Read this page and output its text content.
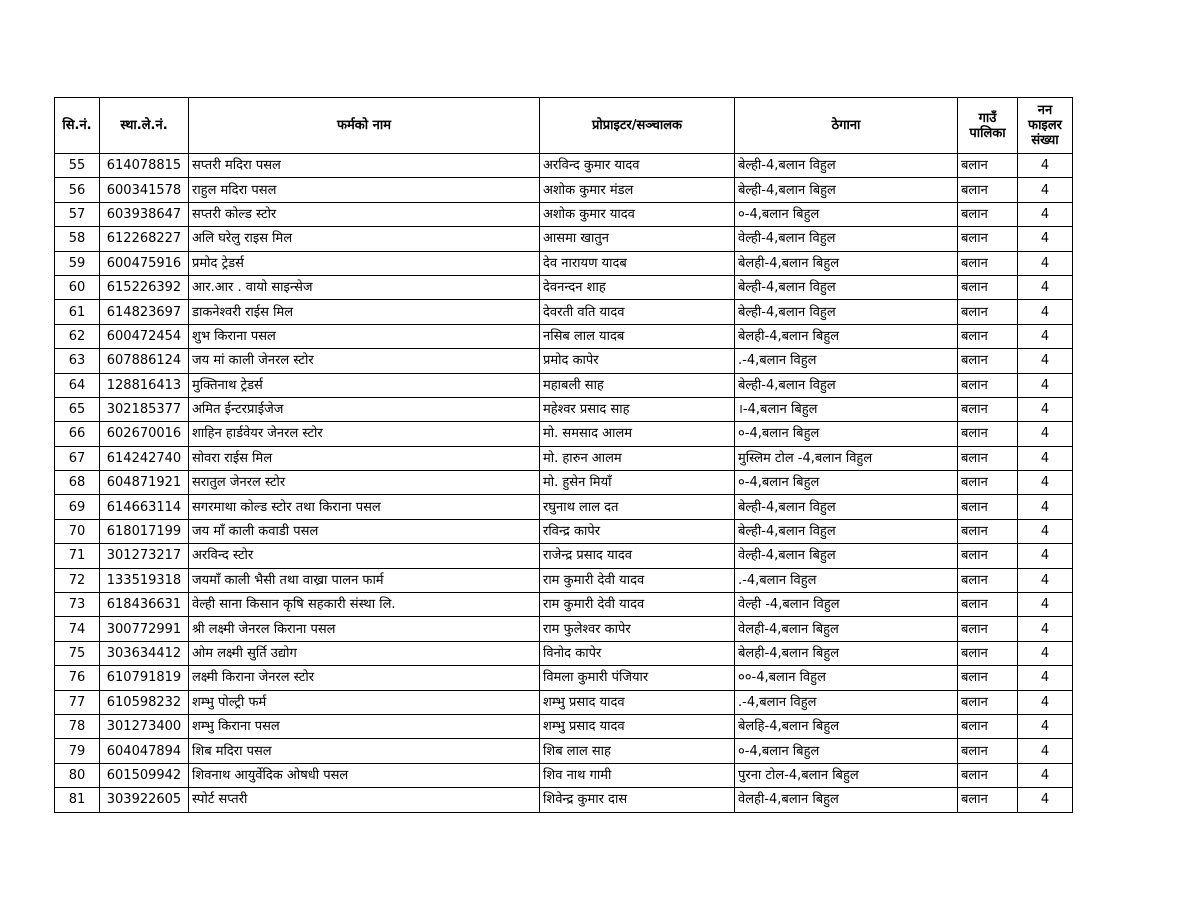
सि.नं.	स्था.ले.नं.	फर्मको नाम	प्रोप्राइटर/सञ्चालक	ठेगाना	गाउँ पालिका	नन फाइलर संख्या
55	614078815	सप्तरी मदिरा पसल	अरविन्द कुमार यादव	बेल्ही-4,बलान विहुल	बलान	4
56	600341578	राहुल मदिरा पसल	अशोक कुमार मंडल	बेल्ही-4,बलान बिहुल	बलान	4
57	603938647	सप्तरी कोल्ड स्टोर	अशोक कुमार यादव	०-4,बलान बिहुल	बलान	4
58	612268227	अलि घरेलु राइस मिल	आसमा खातुन	वेल्ही-4,बलान विहुल	बलान	4
59	600475916	प्रमोद ट्रेडर्स	देव नारायण यादब	बेलही-4,बलान बिहुल	बलान	4
60	615226392	आर.आर . वायो साइन्सेज	देवनन्दन शाह	बेल्ही-4,बलान विहुल	बलान	4
61	614823697	डाकनेश्वरी राईस मिल	देवरती वति यादव	बेल्ही-4,बलान विहुल	बलान	4
62	600472454	शुभ किराना पसल	नसिब लाल यादब	बेलही-4,बलान बिहुल	बलान	4
63	607886124	जय मां काली जेनरल स्टोर	प्रमोद कापेर	.-4,बलान विहुल	बलान	4
64	128816413	मुक्तिनाथ ट्रेडर्स	महाबली साह	बेल्ही-4,बलान विहुल	बलान	4
65	302185377	अमित ईन्टरप्राईजेज	महेश्वर प्रसाद साह	।-4,बलान बिहुल	बलान	4
66	602670016	शाहिन हार्डवेयर जेनरल स्टोर	मो. समसाद आलम	०-4,बलान बिहुल	बलान	4
67	614242740	सोवरा राईस मिल	मो. हारुन आलम	मुस्लिम टोल -4,बलान विहुल	बलान	4
68	604871921	सरातुल जेनरल स्टोर	मो. हुसेन मियाँ	०-4,बलान बिहुल	बलान	4
69	614663114	सगरमाथा कोल्ड स्टोर तथा किराना पसल	रघुनाथ लाल दत	बेल्ही-4,बलान विहुल	बलान	4
70	618017199	जय माँ काली कवाडी पसल	रविन्द्र कापेर	बेल्ही-4,बलान विहुल	बलान	4
71	301273217	अरविन्द स्टोर	राजेन्द्र प्रसाद यादव	वेल्ही-4,बलान बिहुल	बलान	4
72	133519318	जयमाँ काली भैसी तथा वाख्रा पालन फार्म	राम कुमारी देवी यादव	.-4,बलान विहुल	बलान	4
73	618436631	वेल्ही साना किसान कृषि सहकारी संस्था लि.	राम कुमारी देवी यादव	वेल्ही -4,बलान विहुल	बलान	4
74	300772991	श्री लक्ष्मी जेनरल किराना पसल	राम फुलेश्वर कापेर	वेलही-4,बलान बिहुल	बलान	4
75	303634412	ओम लक्ष्मी सुर्ति उद्योग	विनोद कापेर	बेलही-4,बलान बिहुल	बलान	4
76	610791819	लक्ष्मी किराना जेनरल स्टोर	विमला कुमारी पंजियार	००-4,बलान विहुल	बलान	4
77	610598232	शम्भु पोल्ट्री फर्म	शम्भु प्रसाद यादव	.-4,बलान विहुल	बलान	4
78	301273400	शम्भु किराना पसल	शम्भु प्रसाद यादव	बेलहि-4,बलान बिहुल	बलान	4
79	604047894	शिब मदिरा पसल	शिब लाल साह	०-4,बलान बिहुल	बलान	4
80	601509942	शिवनाथ आयुर्वेदिक ओषधी पसल	शिव नाथ गामी	पुरना टोल-4,बलान बिहुल	बलान	4
81	303922605	स्पोर्ट सप्तरी	शिवेन्द्र कुमार दास	वेलही-4,बलान बिहुल	बलान	4
